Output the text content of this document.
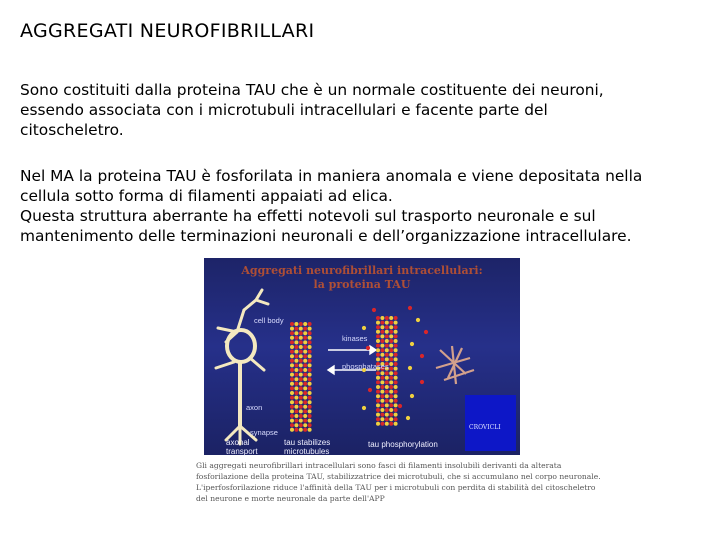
AGGREGATI NEUROFIBRILLARI
Sono costituiti dalla proteina TAU che è un normale costituente dei neuroni,
essendo associata con i microtubuli intracellulari e facente parte del
citoscheletro.
Nel MA la proteina TAU è fosforilata in maniera anomala e viene depositata nella
cellula sotto forma di filamenti appaiati ad elica.
Questa struttura aberrante ha effetti notevoli sul trasporto neuronale e sul
mantenimento delle terminazioni neuronali e dell’organizzazione intracellulare.
Aggregati neurofibrillari intracellulari:
la proteina TAU
cell body
kinases
phosphatases
axon
synapse
axonal
transport
tau stabilizes
microtubules
tau phosphorylation
CROVICLI
Gli aggregati neurofibrillari intracellulari sono fasci di filamenti insolubili derivanti da alterata
fosforilazione della proteina TAU, stabilizzatrice dei microtubuli, che si accumulano nel corpo neuronale.
L'iperfosforilazione riduce l'affinità della TAU per i microtubuli con perdita di stabilità del citoscheletro
del neurone e morte neuronale da parte dell'APP
